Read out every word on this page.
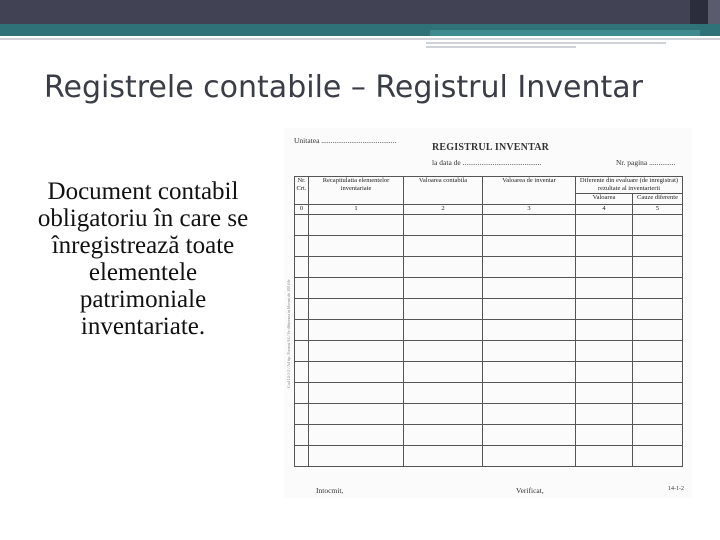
Registrele contabile – Registrul Inventar
Document contabil obligatoriu în care se înregistrează toate elementele patrimoniale inventariate.
Unitatea ........................................
REGISTRUL INVENTAR
la data de ..........................................	Nr. pagina ..............
Cod 14-1-2 / A4 tip. Format A4 / Se difuzeaza in blocuri de 100 file
Nr. Crt.	Recapitulatia elementelor inventariate	Valoarea contabila	Valoarea de inventar	Diferente din evaluare (de inregistrat) rezultate al inventarierii	
				Valoarea	Cauze diferente
0	1	2	3	4	5

Intocmit,	Verificat,	14-1-2
